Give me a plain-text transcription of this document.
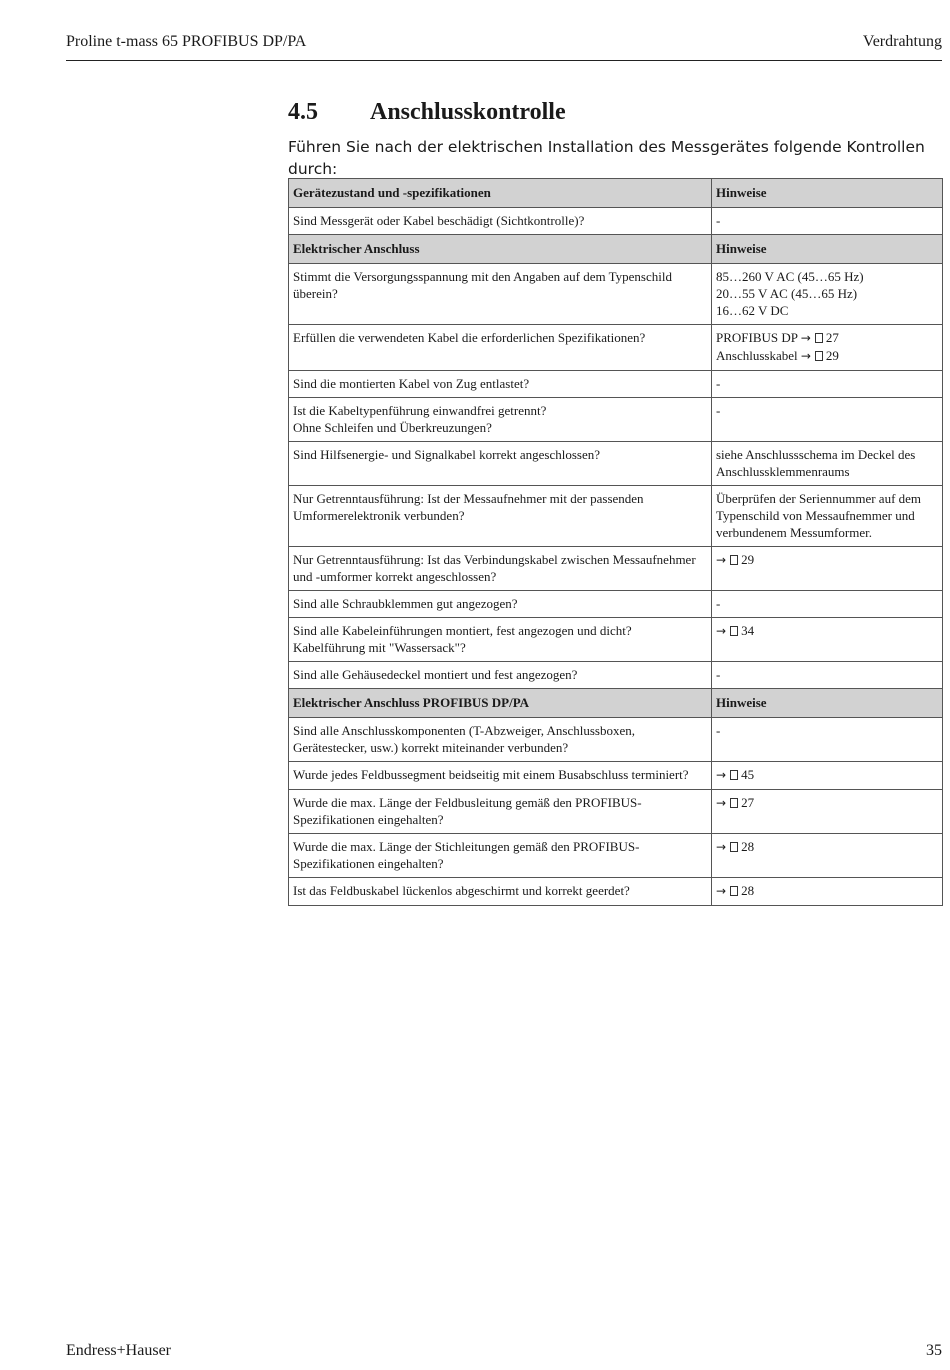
Proline t-mass 65 PROFIBUS DP/PA	Verdrahtung
4.5 Anschlusskontrolle
Führen Sie nach der elektrischen Installation des Messgerätes folgende Kontrollen durch:
Gerätezustand und -spezifikationen	Hinweise

Sind Messgerät oder Kabel beschädigt (Sichtkontrolle)?	-

Elektrischer Anschluss	Hinweise

Stimmt die Versorgungsspannung mit den Angaben auf dem Typenschild überein?	85…260 V AC (45…65 Hz)
20…55 V AC (45…65 Hz)
16…62 V DC

Erfüllen die verwendeten Kabel die erforderlichen Spezifikationen?	PROFIBUS DP → 27
Anschlusskabel → 29

Sind die montierten Kabel von Zug entlastet?	-

Ist die Kabeltypenführung einwandfrei getrennt?
Ohne Schleifen und Überkreuzungen?	-

Sind Hilfsenergie- und Signalkabel korrekt angeschlossen?	siehe Anschlussschema im Deckel des Anschlussklemmenraums

Nur Getrenntausführung: Ist der Messaufnehmer mit der passenden Umformerelektronik verbunden?	Überprüfen der Seriennummer auf dem Typenschild von Messaufnemmer und verbundenem Messumformer.

Nur Getrenntausführung: Ist das Verbindungskabel zwischen Messaufnehmer und -umformer korrekt angeschlossen?	→ 29

Sind alle Schraubklemmen gut angezogen?	-

Sind alle Kabeleinführungen montiert, fest angezogen und dicht?
Kabelführung mit "Wassersack"?	→ 34

Sind alle Gehäusedeckel montiert und fest angezogen?	-

Elektrischer Anschluss PROFIBUS DP/PA	Hinweise

Sind alle Anschlusskomponenten (T-Abzweiger, Anschlussboxen, Gerätestecker, usw.) korrekt miteinander verbunden?	-

Wurde jedes Feldbussegment beidseitig mit einem Busabschluss terminiert?	→ 45

Wurde die max. Länge der Feldbusleitung gemäß den PROFIBUS-Spezifikationen eingehalten?	→ 27

Wurde die max. Länge der Stichleitungen gemäß den PROFIBUS-Spezifikationen eingehalten?	→ 28

Ist das Feldbuskabel lückenlos abgeschirmt und korrekt geerdet?	→ 28
Endress+Hauser	35
